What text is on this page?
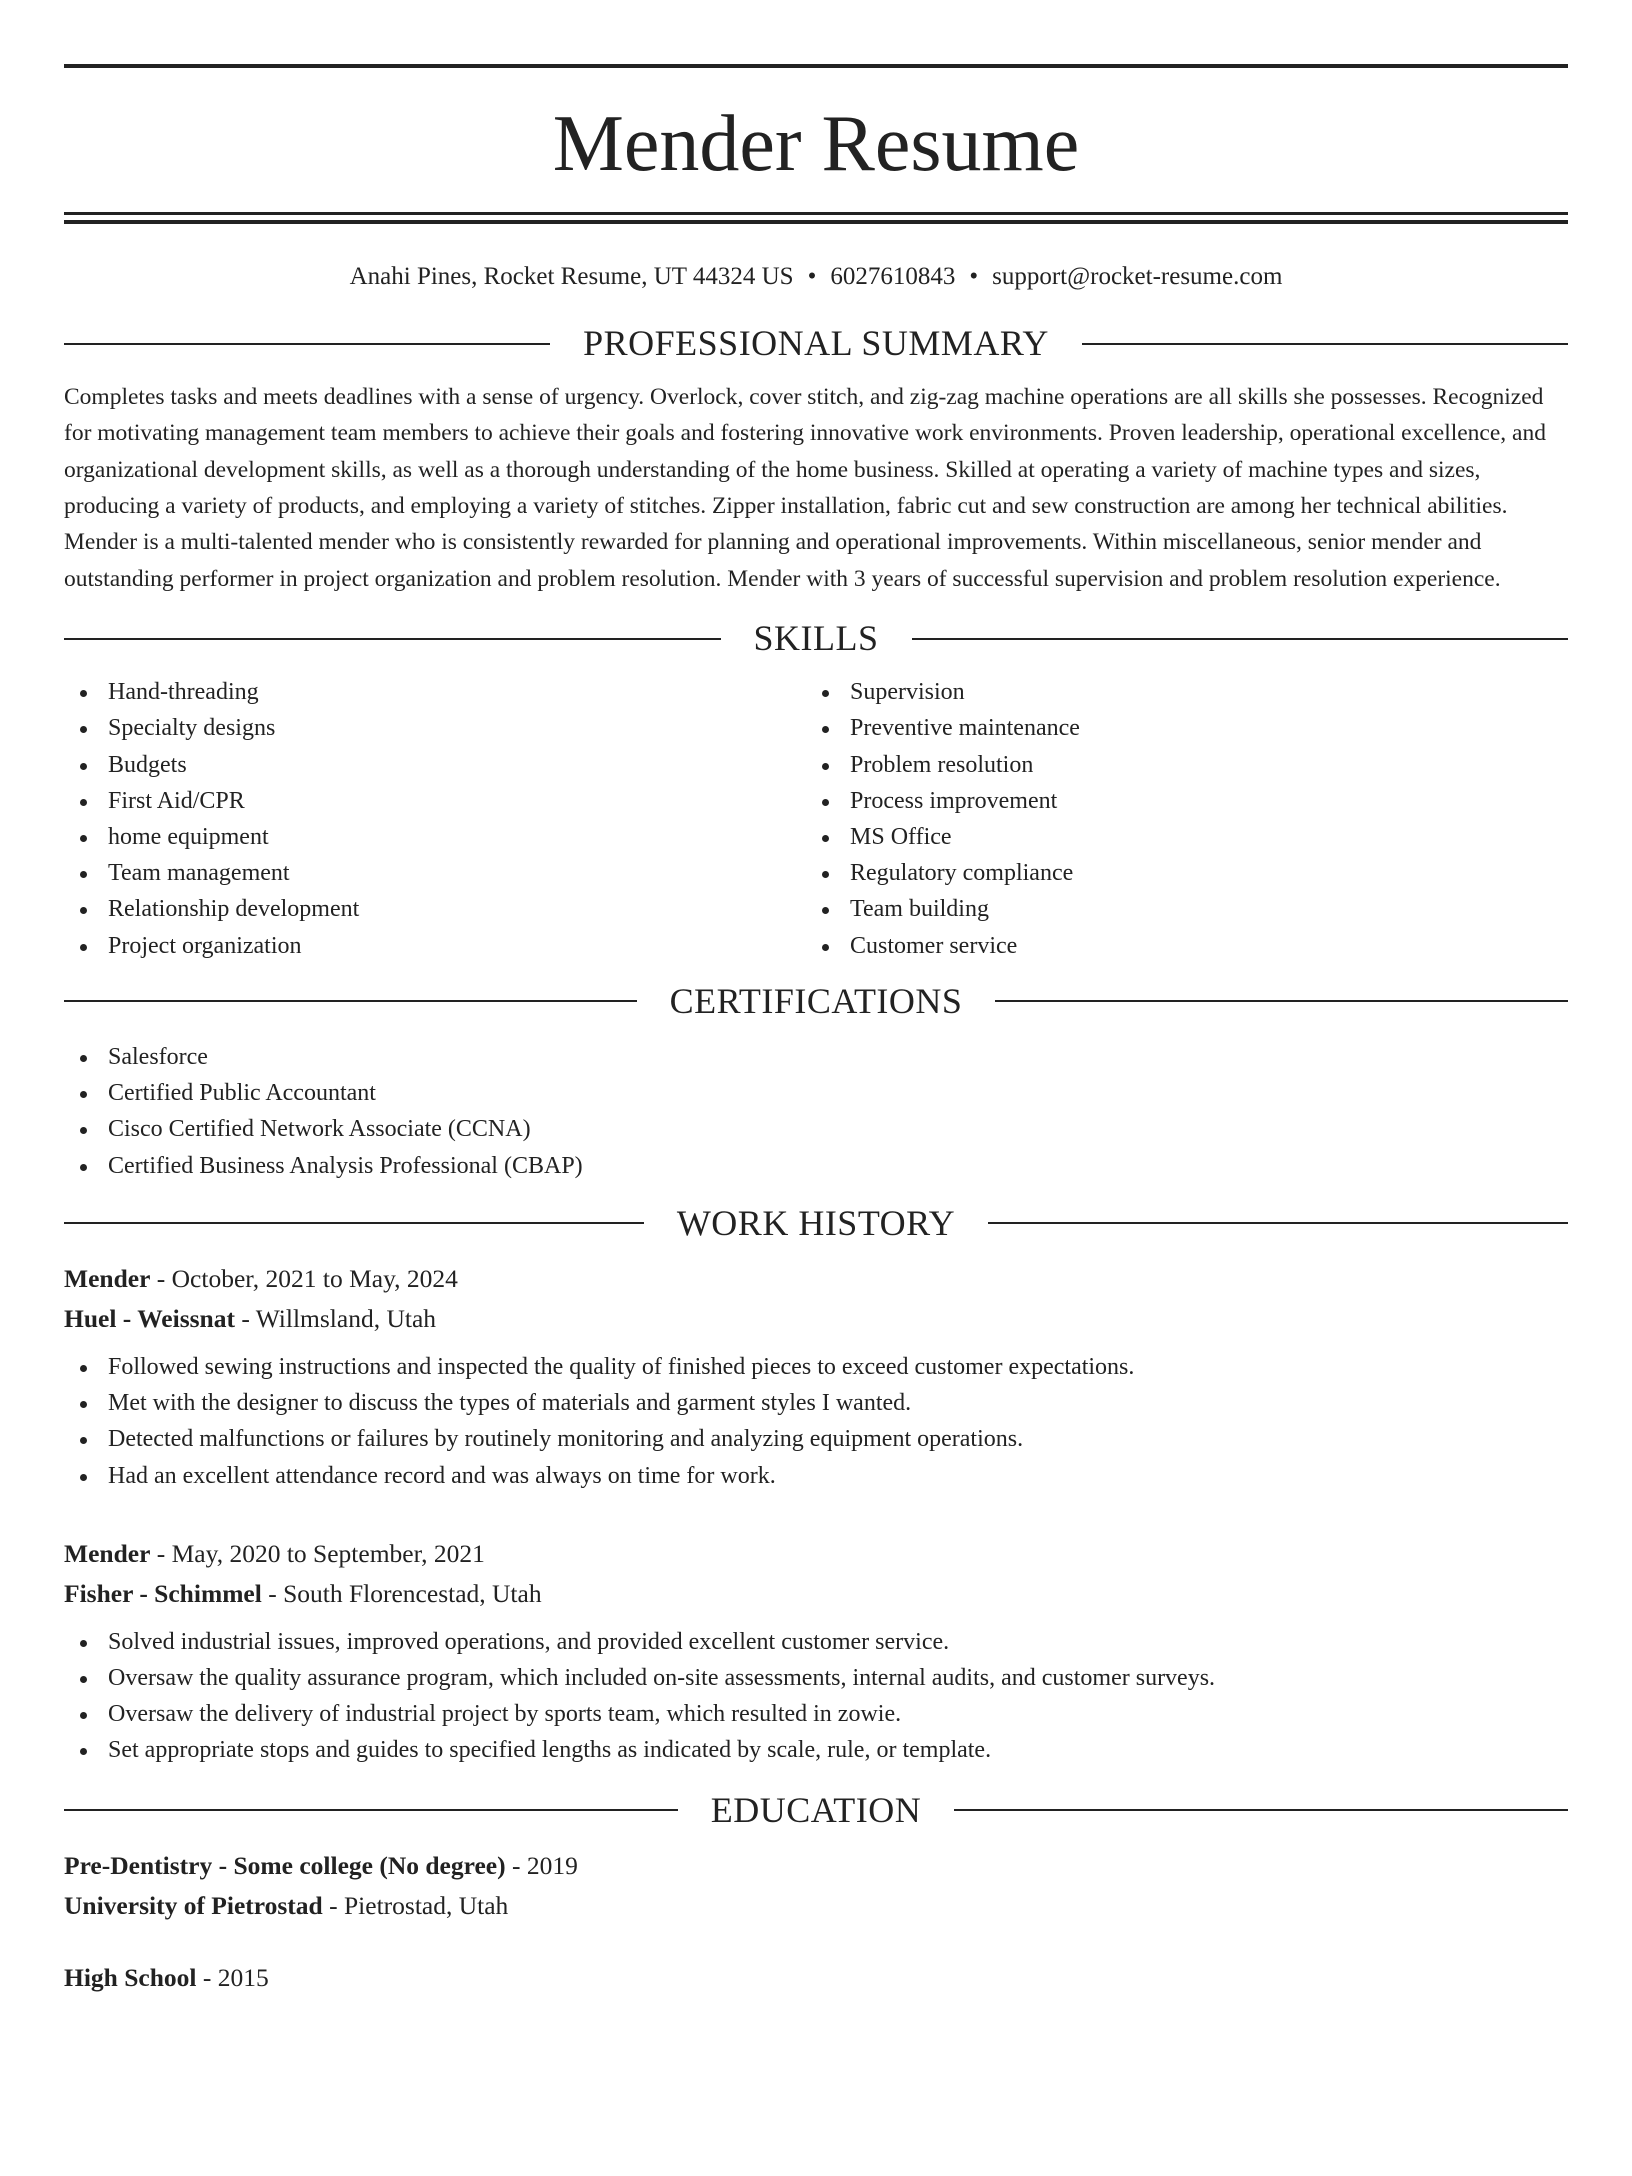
Mender Resume
Anahi Pines, Rocket Resume, UT 44324 US • 6027610843 • support@rocket-resume.com
PROFESSIONAL SUMMARY

Completes tasks and meets deadlines with a sense of urgency. Overlock, cover stitch, and zig-zag machine operations are all skills she possesses. Recognized for motivating management team members to achieve their goals and fostering innovative work environments. Proven leadership, operational excellence, and organizational development skills, as well as a thorough understanding of the home business. Skilled at operating a variety of machine types and sizes, producing a variety of products, and employing a variety of stitches. Zipper installation, fabric cut and sew construction are among her technical abilities. Mender is a multi-talented mender who is consistently rewarded for planning and operational improvements. Within miscellaneous, senior mender and outstanding performer in project organization and problem resolution. Mender with 3 years of successful supervision and problem resolution experience.

SKILLS
Hand-threading
Specialty designs
Budgets
First Aid/CPR
home equipment
Team management
Relationship development
Project organization
Supervision
Preventive maintenance
Problem resolution
Process improvement
MS Office
Regulatory compliance
Team building
Customer service
CERTIFICATIONS
Salesforce
Certified Public Accountant
Cisco Certified Network Associate (CCNA)
Certified Business Analysis Professional (CBAP)
WORK HISTORY
Mender - October, 2021 to May, 2024
Huel - Weissnat - Willmsland, Utah
Followed sewing instructions and inspected the quality of finished pieces to exceed customer expectations.
Met with the designer to discuss the types of materials and garment styles I wanted.
Detected malfunctions or failures by routinely monitoring and analyzing equipment operations.
Had an excellent attendance record and was always on time for work.
Mender - May, 2020 to September, 2021
Fisher - Schimmel - South Florencestad, Utah
Solved industrial issues, improved operations, and provided excellent customer service.
Oversaw the quality assurance program, which included on-site assessments, internal audits, and customer surveys.
Oversaw the delivery of industrial project by sports team, which resulted in zowie.
Set appropriate stops and guides to specified lengths as indicated by scale, rule, or template.
EDUCATION
Pre-Dentistry - Some college (No degree) - 2019
University of Pietrostad - Pietrostad, Utah
High School - 2015
